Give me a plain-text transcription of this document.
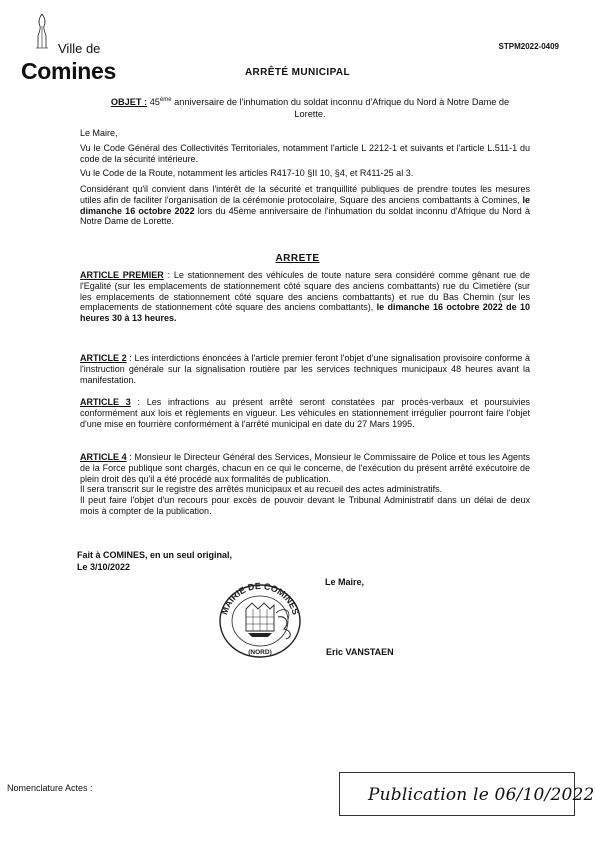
Ville de
Comines
STPM2022-0409
ARRÊTÉ MUNICIPAL
OBJET : 45ème anniversaire de l'inhumation du soldat inconnu d'Afrique du Nord à Notre Dame de Lorette.
Le Maire,
Vu le Code Général des Collectivités Territoriales, notamment l'article L 2212-1 et suivants et l'article L.511-1 du code de la sécurité intérieure.
Vu le Code de la Route, notamment les articles R417-10 §II 10, §4, et R411-25 al 3.
Considérant qu'il convient dans l'intérêt de la sécurité et tranquillité publiques de prendre toutes les mesures utiles afin de faciliter l'organisation de la cérémonie protocolaire, Square des anciens combattants à Comines, le dimanche 16 octobre 2022 lors du 45ème anniversaire de l'inhumation du soldat inconnu d'Afrique du Nord à Notre Dame de Lorette.
ARRETE
ARTICLE PREMIER : Le stationnement des véhicules de toute nature sera considéré comme gênant rue de l'Egalité (sur les emplacements de stationnement côté square des anciens combattants) rue du Cimetière (sur les emplacements de stationnement côté square des anciens combattants) et rue du Bas Chemin (sur les emplacements de stationnement côté square des anciens combattants), le dimanche 16 octobre 2022 de 10 heures 30 à 13 heures.
ARTICLE 2 : Les interdictions énoncées à l'article premier feront l'objet d'une signalisation provisoire conforme à l'instruction générale sur la signalisation routière par les services techniques municipaux 48 heures avant la manifestation.
ARTICLE 3 : Les infractions au présent arrêté seront constatées par procès-verbaux et poursuivies conformément aux lois et règlements en vigueur. Les véhicules en stationnement irrégulier pourront faire l'objet d'une mise en fourrière conformément à l'arrêté municipal en date du 27 Mars 1995.
ARTICLE 4 : Monsieur le Directeur Général des Services, Monsieur le Commissaire de Police et tous les Agents de la Force publique sont chargés, chacun en ce qui le concerne, de l'exécution du présent arrêté exécutoire de plein droit dès qu'il a été procédé aux formalités de publication.
Il sera transcrit sur le registre des arrêtés municipaux et au recueil des actes administratifs.
Il peut faire l'objet d'un recours pour excès de pouvoir devant le Tribunal Administratif dans un délai de deux mois à compter de la publication.
Fait à COMINES, en un seul original,
Le 3/10/2022
Le Maire,
MAIRIE DE COMINES
(NORD)	Eric VANSTAEN
Nomenclature Actes :	Publication le 06/10/2022
